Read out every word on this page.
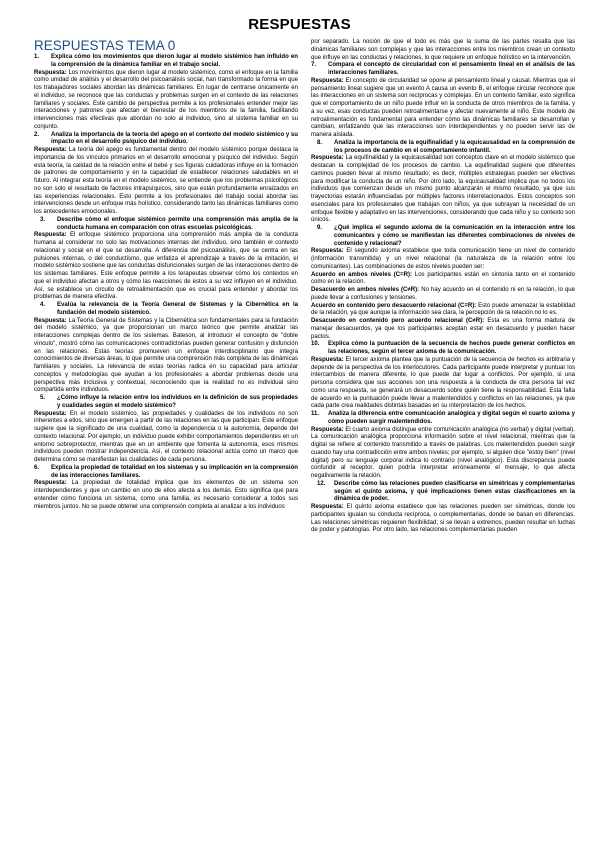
RESPUESTAS
RESPUESTAS TEMA 0
1.	Explica cómo los movimientos que dieron lugar al modelo sistémico han influido en la comprensión de la dinámica familiar en el trabajo social.

Respuesta: Los movimientos que dieron lugar al modelo sistémico, como el enfoque en la familia como unidad de análisis y el desarrollo del psicoanálisis social, han transformado la forma en que los trabajadores sociales abordan las dinámicas familiares. En lugar de centrarse únicamente en el individuo, se reconoce que las conductas y problemas surgen en el contexto de las relaciones familiares y sociales. Este cambio de perspectiva permite a los profesionales entender mejor las interacciones y patrones que afectan el bienestar de los miembros de la familia, facilitando intervenciones más efectivas que abordan no solo al individuo, sino al sistema familiar en su conjunto.

2.	Analiza la importancia de la teoría del apego en el contexto del modelo sistémico y su impacto en el desarrollo psíquico del individuo.

Respuesta: La teoría del apego es fundamental dentro del modelo sistémico porque destaca la importancia de los vínculos primarios en el desarrollo emocional y psíquico del individuo. Según esta teoría, la calidad de la relación entre el bebé y sus figuras cuidadoras influye en la formación de patrones de comportamiento y en la capacidad de establecer relaciones saludables en el futuro. Al integrar esta teoría en el modelo sistémico, se entiende que los problemas psicológicos no son solo el resultado de factores intrapsíquicos, sino que están profundamente enraizados en las experiencias relacionales. Esto permite a los profesionales del trabajo social abordar las intervenciones desde un enfoque más holístico, considerando tanto las dinámicas familiares como los antecedentes emocionales.

3.	Describe cómo el enfoque sistémico permite una comprensión más amplia de la conducta humana en comparación con otras escuelas psicológicas.

Respuesta: El enfoque sistémico proporciona una comprensión más amplia de la conducta humana al considerar no solo las motivaciones internas del individuo, sino también el contexto relacional y social en el que se desarrolla. A diferencia del psicoanálisis, que se centra en las pulsiones internas, o del conductismo, que enfatiza el aprendizaje a través de la imitación, el modelo sistémico sostiene que las conductas disfuncionales surgen de las interacciones dentro de los sistemas familiares. Este enfoque permite a los terapeutas observar cómo los contextos en que el individuo afectan a otros y cómo las reacciones de estos a su vez influyen en el individuo. Así, se establece un circuito de retroalimentación que es crucial para entender y abordar los problemas de manera efectiva.

4.	Evalúa la relevancia de la Teoría General de Sistemas y la Cibernética en la fundación del modelo sistémico.

Respuesta: La Teoría General de Sistemas y la Cibernética son fundamentales para la fundación del modelo sistémico, ya que proporcionan un marco teórico que permite analizar las interacciones complejas dentro de los sistemas. Bateson, al introducir el concepto de "doble vínculo", mostró cómo las comunicaciones contradictorias pueden generar confusión y disfunción en las relaciones. Estas teorías promueven un enfoque interdisciplinario que integra conocimientos de diversas áreas, lo que permite una comprensión más completa de las dinámicas familiares y sociales. La relevancia de estas teorías radica en su capacidad para articular conceptos y metodologías que ayudan a los profesionales a abordar problemas desde una perspectiva más inclusiva y contextual, reconociendo que la realidad no es individual sino compartida entre individuos.

5.	¿Cómo influye la relación entre los individuos en la definición de sus propiedades y cualidades según el modelo sistémico?

Respuesta: En el modelo sistémico, las propiedades y cualidades de los individuos no son inherentes a ellos, sino que emergen a partir de las relaciones en las que participan. Este enfoque sugiere que la significado de una cualidad, como la dependencia o la autonomía, depende del contexto relacional. Por ejemplo, un individuo puede exhibir comportamientos dependientes en un entorno sobreprotector, mientras que en un ambiente que fomenta la autonomía, esos mismos individuos pueden mostrar independencia. Así, el contexto relacional actúa como un marco que determina cómo se manifiestan las cualidades de cada persona.

6.	Explica la propiedad de totalidad en los sistemas y su implicación en la comprensión de las interacciones familiares.

Respuesta: La propiedad de totalidad implica que los elementos de un sistema son interdependientes y que un cambio en uno de ellos afecta a los demás. Esto significa que para entender cómo funciona un sistema, como una familia, es necesario considerar a todos sus miembros juntos. No se puede obtener una comprensión completa al analizar a los individuos

por separado. La noción de que el todo es más que la suma de las partes resalta que las dinámicas familiares son complejas y que las interacciones entre los miembros crean un contexto que influye en las conductas y relaciones, lo que requiere un enfoque holístico en la intervención.

7.	Compara el concepto de circularidad con el pensamiento lineal en el análisis de las interacciones familiares.

Respuesta: El concepto de circularidad se opone al pensamiento lineal y causal. Mientras que el pensamiento lineal sugiere que un evento A causa un evento B, el enfoque circular reconoce que las interacciones en un sistema son recíprocas y complejas. En un contexto familiar, esto significa que el comportamiento de un niño puede influir en la conducta de otros miembros de la familia, y a su vez, esas conductas pueden retroalimentarse y afectar nuevamente al niño. Este modelo de retroalimentación es fundamental para entender cómo las dinámicas familiares se desarrollan y cambian, enfatizando que las interacciones son interdependientes y no pueden servir las de manera aislada.

8.	Analiza la importancia de la equifinalidad y la equicausalidad en la comprensión de los procesos de cambio en el comportamiento infantil.

Respuesta: La equifinalidad y la equicausalidad son conceptos clave en el modelo sistémico que destacan la complejidad de los procesos de cambio. La equifinalidad sugiere que diferentes caminos pueden llevar al mismo resultado; es decir, múltiples estrategias pueden ser efectivas para modificar la conducta de un niño. Por otro lado, la equicausalidad implica que no todos los individuos que comienzan desde un mismo punto alcanzarán el mismo resultado, ya que sus trayectorias estarán influenciadas por múltiples factores interrelacionados. Estos conceptos son esenciales para los profesionales que trabajan con niños, ya que subrayan la necesidad de un enfoque flexible y adaptativo en las intervenciones, considerando que cada niño y su contexto son únicos.

9.	¿Qué implica el segundo axioma de la comunicación en la interacción entre los comunicantes y cómo se manifiestan las diferentes combinaciones de niveles de contenido y relacional?

Respuesta: El segundo axioma establece que toda comunicación tiene un nivel de contenido (información transmitida) y un nivel relacional (la naturaleza de la relación entre los comunicantes). Las combinaciones de estos niveles pueden ser:

Acuerdo en ambos niveles (C=R): Los participantes están en sintonía tanto en el contenido como en la relación.

Desacuerdo en ambos niveles (C≠R): No hay acuerdo en el contenido ni en la relación, lo que puede llevar a confusiones y tensiones.

Acuerdo en contenido pero desacuerdo relacional (C=R): Esto puede amenazar la estabilidad de la relación, ya que aunque la información sea clara, la percepción de la relación no lo es.

Desacuerdo en contenido pero acuerdo relacional (C≠R): Esta es una forma madura de manejar desacuerdos, ya que los participantes aceptan estar en desacuerdo y pueden hacer pactos.

10.	Explica cómo la puntuación de la secuencia de hechos puede generar conflictos en las relaciones, según el tercer axioma de la comunicación.

Respuesta: El tercer axioma plantea que la puntuación de la secuencia de hechos es arbitraria y depende de la perspectiva de los interlocutores. Cada participante puede interpretar y puntuar los intercambios de manera diferente, lo que puede dar lugar a conflictos. Por ejemplo, si una persona considera que sus acciones son una respuesta a la conducta de otra persona tal vez como una respuesta, se generará un desacuerdo sobre quién tiene la responsabilidad. Esta falta de acuerdo en la puntuación puede llevar a malentendidos y conflictos en las relaciones, ya que cada parte crea realidades distintas basadas en su interpretación de los hechos.

11.	Analiza la diferencia entre comunicación analógica y digital según el cuarto axioma y cómo pueden surgir malentendidos.

Respuesta: El cuarto axioma distingue entre comunicación analógica (no verbal) y digital (verbal). La comunicación analógica proporciona información sobre el nivel relacional, mientras que la digital se refiere al contenido transmitido a través de palabras. Los malentendidos pueden surgir cuando hay una contradicción entre ambos niveles; por ejemplo, si alguien dice "estoy bien" (nivel digital) pero su lenguaje corporal indica lo contrario (nivel analógico). Esta discrepancia puede confundir al receptor, quien podría interpretar erróneamente el mensaje, lo que afecta negativamente la relación.

12.	Describe cómo las relaciones pueden clasificarse en simétricas y complementarias según el quinto axioma, y qué implicaciones tienen estas clasificaciones en la dinámica de poder.

Respuesta: El quinto axioma establece que las relaciones pueden ser simétricas, donde los participantes igualan su conducta recíproca, o complementarias, donde se basan en diferencias. Las relaciones simétricas requieren flexibilidad; si se llevan a extremos, pueden resultar en luchas de poder y patologías. Por otro lado, las relaciones complementarias pueden
